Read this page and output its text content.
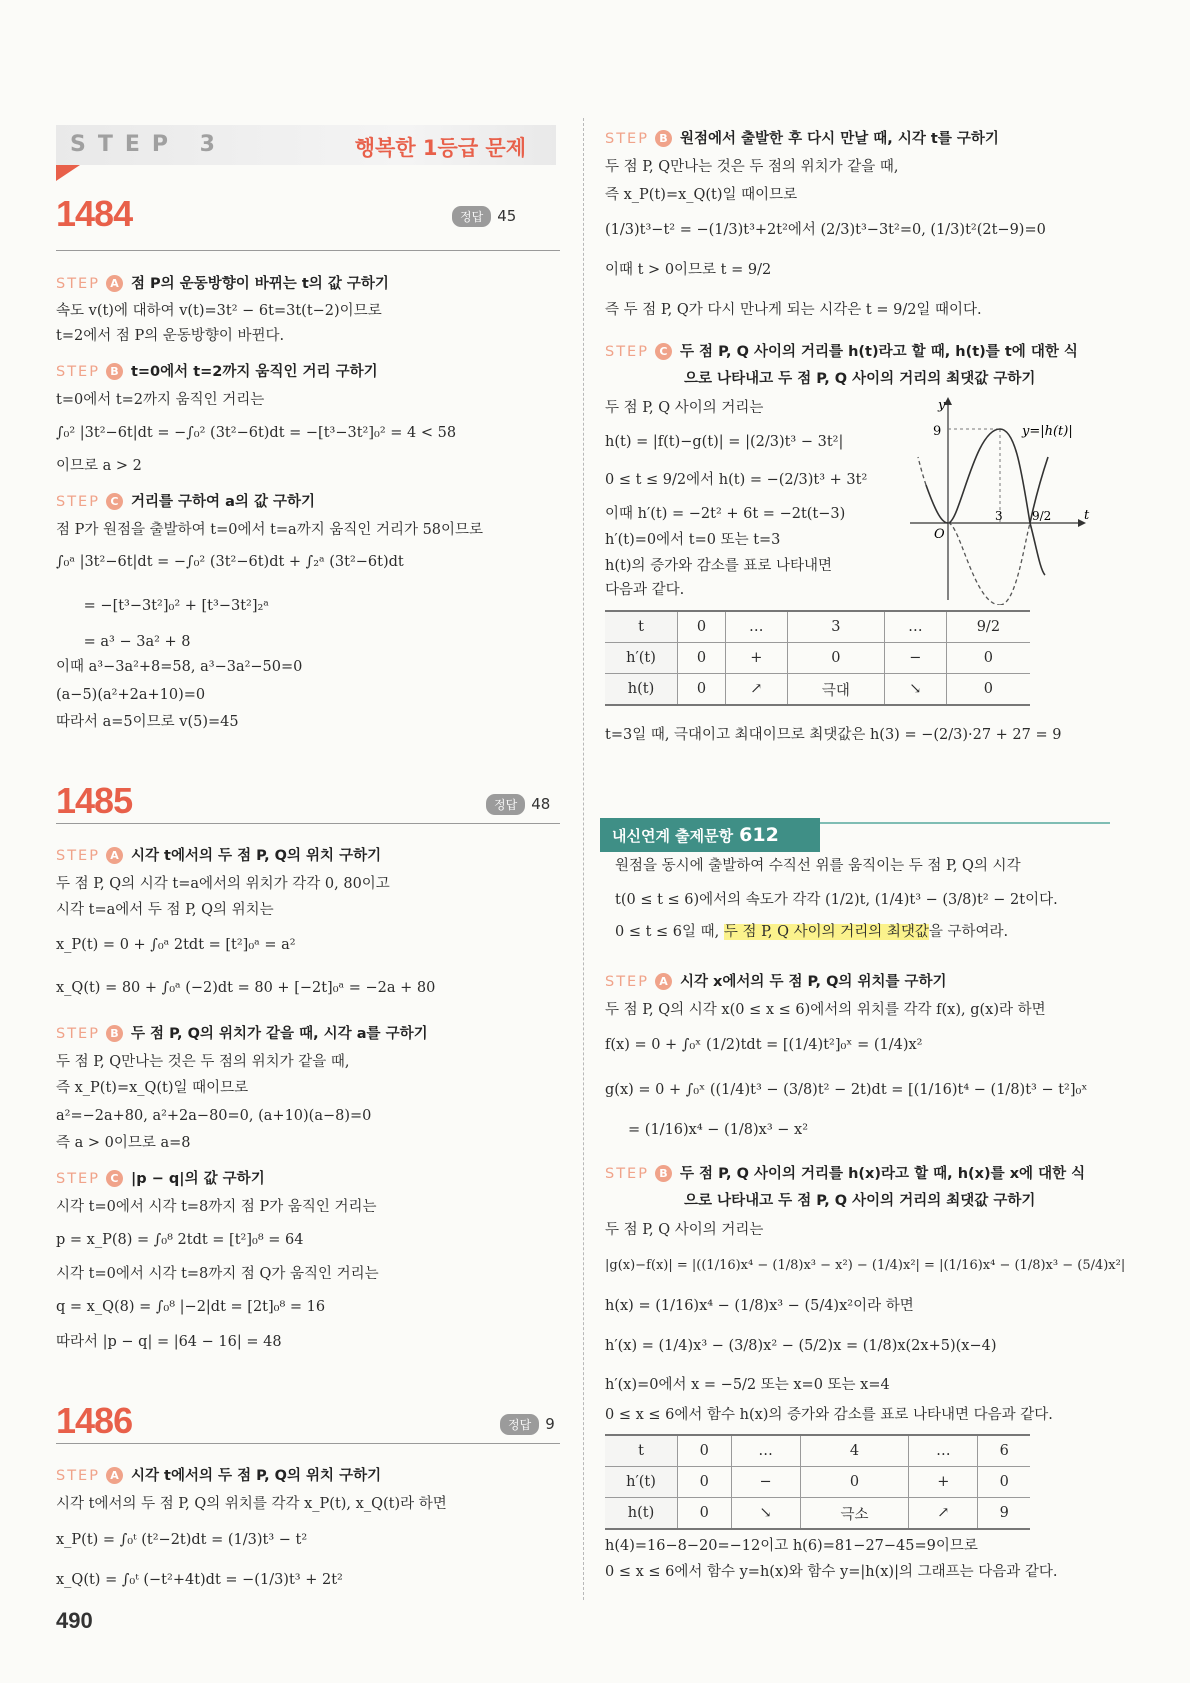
STEP 3	행복한 1등급 문제
1484	정답 45
STEP A 점 P의 운동방향이 바뀌는 t의 값 구하기
속도 v(t)에 대하여 v(t)=3t² − 6t=3t(t−2)이므로
t=2에서 점 P의 운동방향이 바뀐다.
STEP B t=0에서 t=2까지 움직인 거리 구하기
t=0에서 t=2까지 움직인 거리는
∫₀² |3t²−6t|dt = −∫₀² (3t²−6t)dt = −[t³−3t²]₀² = 4 < 58
이므로 a > 2
STEP C 거리를 구하여 a의 값 구하기
점 P가 원점을 출발하여 t=0에서 t=a까지 움직인 거리가 58이므로
∫₀ᵃ |3t²−6t|dt = −∫₀² (3t²−6t)dt + ∫₂ᵃ (3t²−6t)dt
= −[t³−3t²]₀² + [t³−3t²]₂ᵃ
= a³ − 3a² + 8
이때 a³−3a²+8=58, a³−3a²−50=0
(a−5)(a²+2a+10)=0
따라서 a=5이므로 v(5)=45
1485	정답 48
STEP A 시각 t에서의 두 점 P, Q의 위치 구하기
두 점 P, Q의 시각 t=a에서의 위치가 각각 0, 80이고
시각 t=a에서 두 점 P, Q의 위치는
x_P(t) = 0 + ∫₀ᵃ 2tdt = [t²]₀ᵃ = a²
x_Q(t) = 80 + ∫₀ᵃ (−2)dt = 80 + [−2t]₀ᵃ = −2a + 80
STEP B 두 점 P, Q의 위치가 같을 때, 시각 a를 구하기
두 점 P, Q만나는 것은 두 점의 위치가 같을 때,
즉 x_P(t)=x_Q(t)일 때이므로
a²=−2a+80, a²+2a−80=0, (a+10)(a−8)=0
즉 a > 0이므로 a=8
STEP C |p − q|의 값 구하기
시각 t=0에서 시각 t=8까지 점 P가 움직인 거리는
p = x_P(8) = ∫₀⁸ 2tdt = [t²]₀⁸ = 64
시각 t=0에서 시각 t=8까지 점 Q가 움직인 거리는
q = x_Q(8) = ∫₀⁸ |−2|dt = [2t]₀⁸ = 16
따라서 |p − q| = |64 − 16| = 48
1486	정답 9
STEP A 시각 t에서의 두 점 P, Q의 위치 구하기
시각 t에서의 두 점 P, Q의 위치를 각각 x_P(t), x_Q(t)라 하면
x_P(t) = ∫₀ᵗ (t²−2t)dt = (1/3)t³ − t²
x_Q(t) = ∫₀ᵗ (−t²+4t)dt = −(1/3)t³ + 2t²
490
STEP B 원점에서 출발한 후 다시 만날 때, 시각 t를 구하기
두 점 P, Q만나는 것은 두 점의 위치가 같을 때,
즉 x_P(t)=x_Q(t)일 때이므로
(1/3)t³−t² = −(1/3)t³+2t²에서 (2/3)t³−3t²=0, (1/3)t²(2t−9)=0
이때 t > 0이므로 t = 9/2
즉 두 점 P, Q가 다시 만나게 되는 시각은 t = 9/2일 때이다.
STEP C 두 점 P, Q 사이의 거리를 h(t)라고 할 때, h(t)를 t에 대한 식
으로 나타내고 두 점 P, Q 사이의 거리의 최댓값 구하기
두 점 P, Q 사이의 거리는
h(t) = |f(t)−g(t)| = |(2/3)t³ − 3t²|
0 ≤ t ≤ 9/2에서 h(t) = −(2/3)t³ + 3t²
이때 h′(t) = −2t² + 6t = −2t(t−3)
h′(t)=0에서 t=0 또는 t=3
h(t)의 증가와 감소를 표로 나타내면
다음과 같다.
y
t
9
O
3 9/2
y=|h(t)|
t	0	…	3	…	9/2
h′(t)	0	+	0	−	0
h(t)	0	↗	극대	↘	0
t=3일 때, 극대이고 최대이므로 최댓값은 h(3) = −(2/3)·27 + 27 = 9
내신연계 출제문항 612
원점을 동시에 출발하여 수직선 위를 움직이는 두 점 P, Q의 시각
t(0 ≤ t ≤ 6)에서의 속도가 각각 (1/2)t, (1/4)t³ − (3/8)t² − 2t이다.
0 ≤ t ≤ 6일 때, 두 점 P, Q 사이의 거리의 최댓값을 구하여라.
STEP A 시각 x에서의 두 점 P, Q의 위치를 구하기
두 점 P, Q의 시각 x(0 ≤ x ≤ 6)에서의 위치를 각각 f(x), g(x)라 하면
f(x) = 0 + ∫₀ˣ (1/2)tdt = [(1/4)t²]₀ˣ = (1/4)x²
g(x) = 0 + ∫₀ˣ ((1/4)t³ − (3/8)t² − 2t)dt = [(1/16)t⁴ − (1/8)t³ − t²]₀ˣ
= (1/16)x⁴ − (1/8)x³ − x²
STEP B 두 점 P, Q 사이의 거리를 h(x)라고 할 때, h(x)를 x에 대한 식
으로 나타내고 두 점 P, Q 사이의 거리의 최댓값 구하기
두 점 P, Q 사이의 거리는
|g(x)−f(x)| = |((1/16)x⁴ − (1/8)x³ − x²) − (1/4)x²| = |(1/16)x⁴ − (1/8)x³ − (5/4)x²|
h(x) = (1/16)x⁴ − (1/8)x³ − (5/4)x²이라 하면
h′(x) = (1/4)x³ − (3/8)x² − (5/2)x = (1/8)x(2x+5)(x−4)
h′(x)=0에서 x = −5/2 또는 x=0 또는 x=4
0 ≤ x ≤ 6에서 함수 h(x)의 증가와 감소를 표로 나타내면 다음과 같다.
t	0	…	4	…	6
h′(t)	0	−	0	+	0
h(t)	0	↘	극소	↗	9
h(4)=16−8−20=−12이고 h(6)=81−27−45=9이므로
0 ≤ x ≤ 6에서 함수 y=h(x)와 함수 y=|h(x)|의 그래프는 다음과 같다.
